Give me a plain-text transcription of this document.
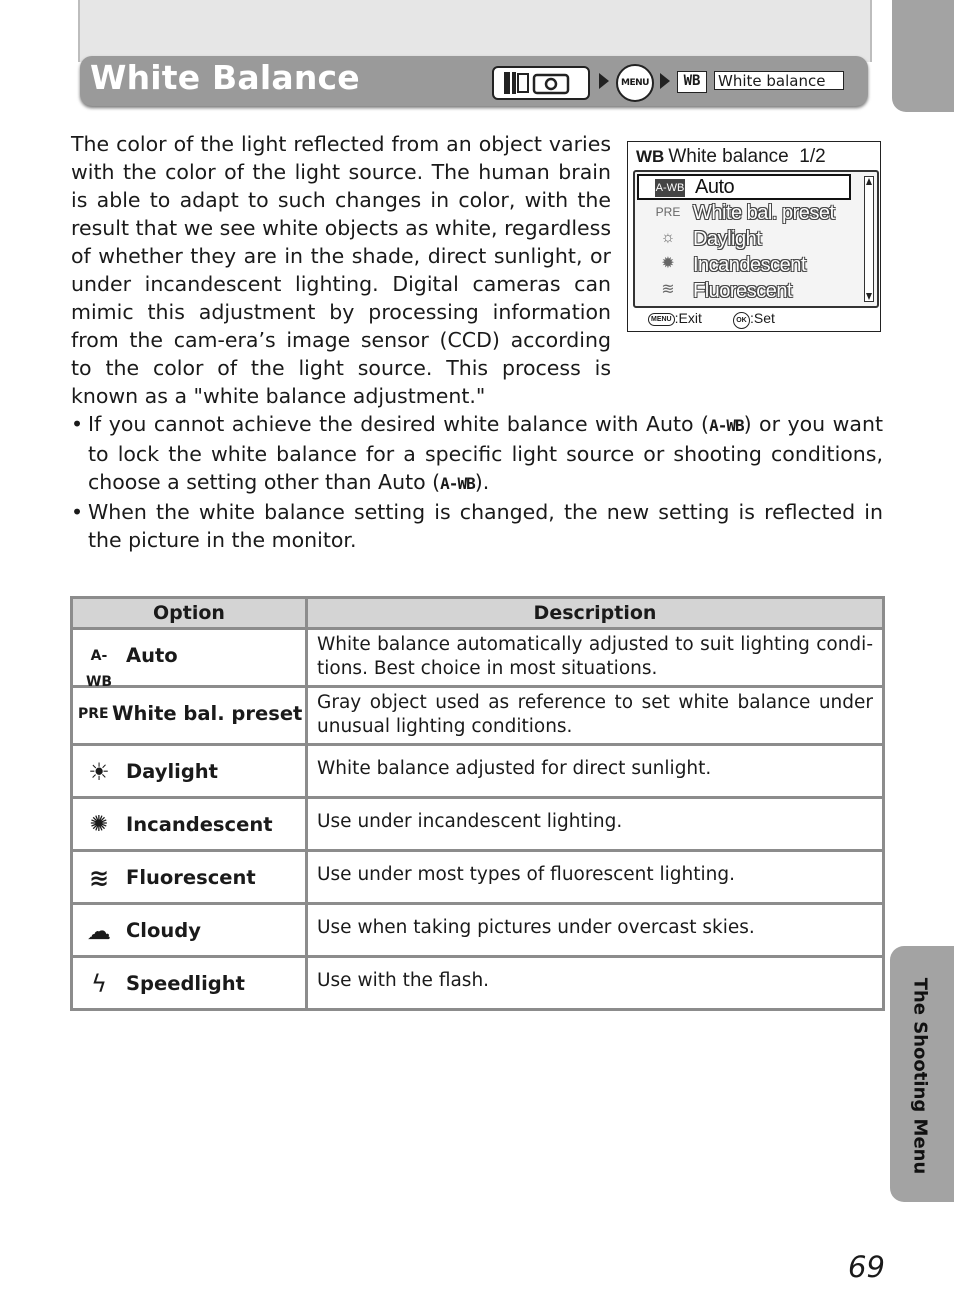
White Balance	MENU	WB	White balance
The color of the light reflected from an object varies with the color of the light source. The human brain is able to adapt to such changes in color, with the result that we see white objects as white, regardless of whether they are in the shade, direct sunlight, or under incandescent lighting. Digital cameras can mimic this adjustment by processing information from the cam-era’s image sensor (CCD) according to the color of the light source. This process is known as a "white balance adjustment."
WB White balance 1/2
A-WB Auto
PRE White bal. preset
☼ Daylight
✹ Incandescent
≋ Fluorescent
MENU :Exit	OK :Set
• If you cannot achieve the desired white balance with Auto (A-WB) or you want to lock the white balance for a specific light source or shooting conditions, choose a setting other than Auto (A-WB).
• When the white balance setting is changed, the new setting is reflected in the picture in the monitor.
Option	Description

A-WB
Auto	White balance automatically adjusted to suit lighting condi-tions. Best choice in most situations.

PRE White bal. preset	Gray object used as reference to set white balance under unusual lighting conditions.

☀ Daylight	White balance adjusted for direct sunlight.

✺ Incandescent	Use under incandescent lighting.

≋ Fluorescent	Use under most types of fluorescent lighting.

☁ Cloudy	Use when taking pictures under overcast skies.

ϟ Speedlight	Use with the flash.	The Shooting Menu
69
